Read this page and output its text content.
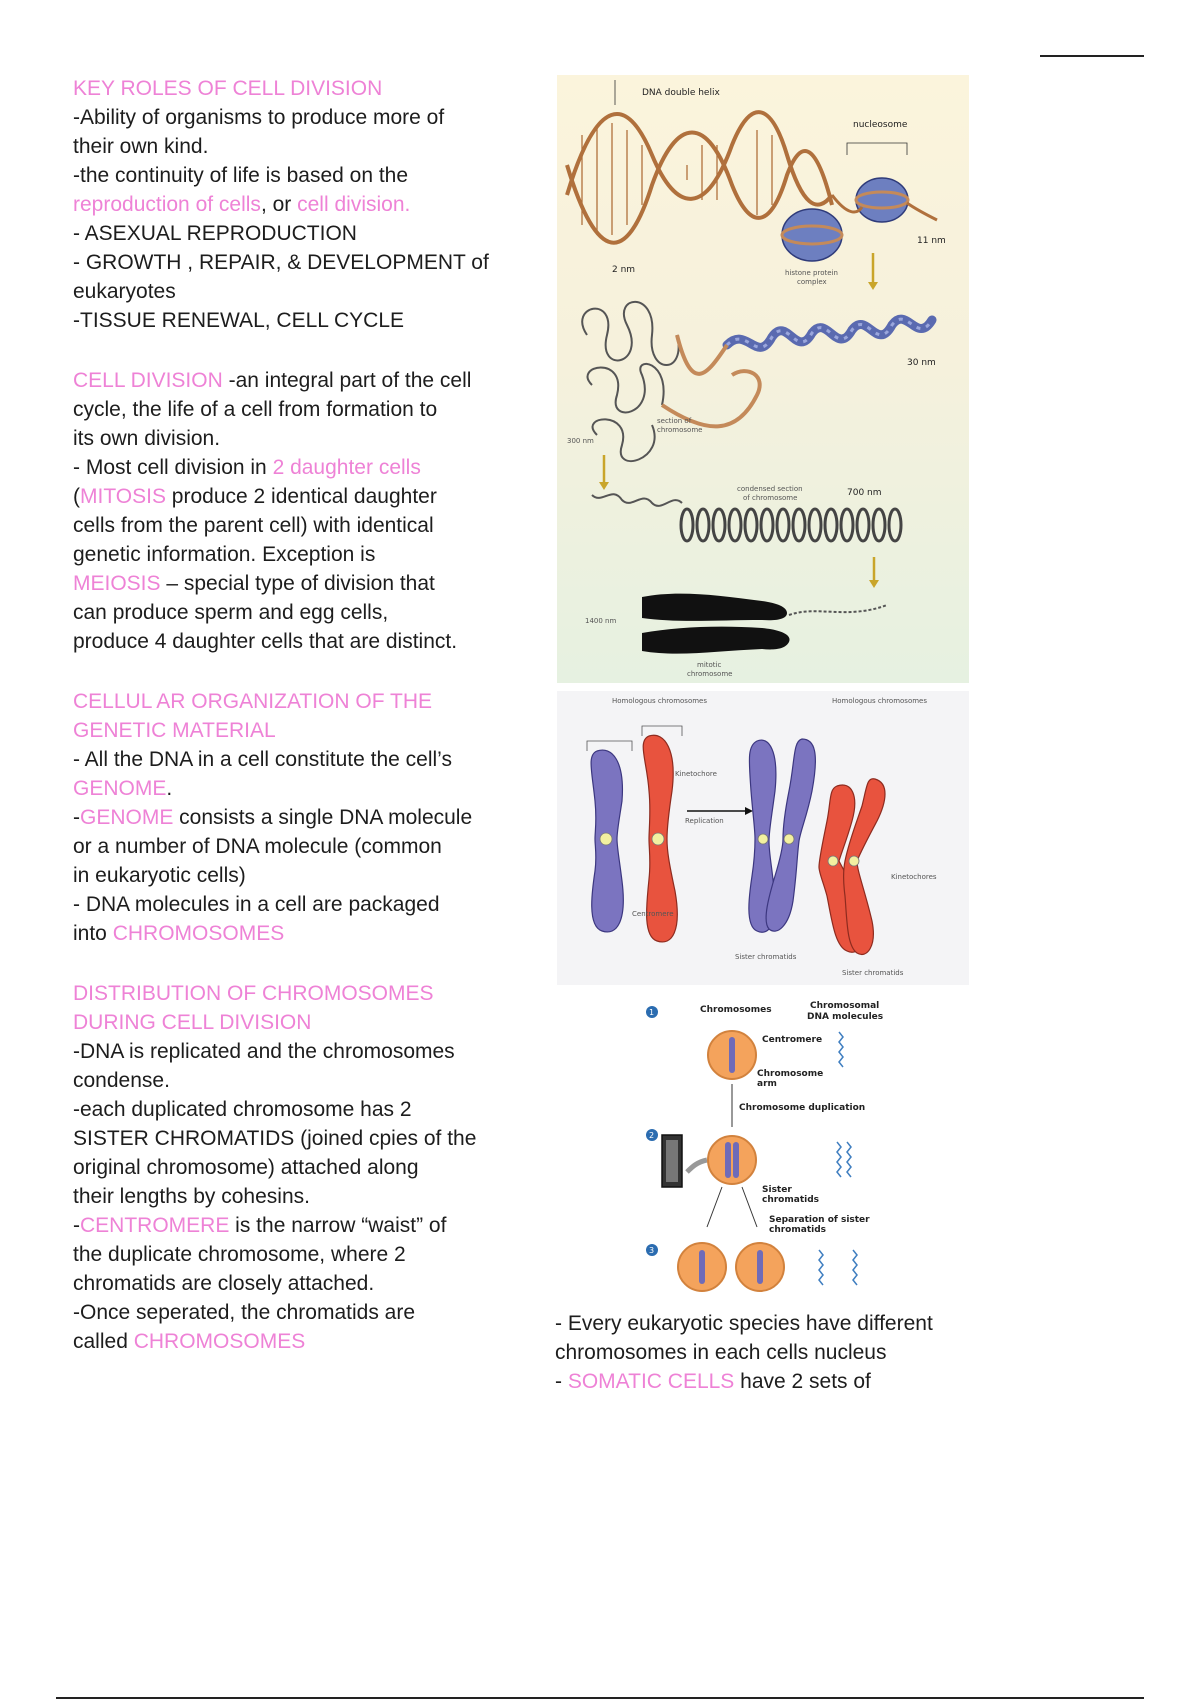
KEY ROLES OF CELL DIVISION
-Ability of organisms to produce more of
their own kind.
-the continuity of life is based on the
reproduction of cells, or cell division.
- ASEXUAL REPRODUCTION
- GROWTH , REPAIR, & DEVELOPMENT of
eukaryotes
-TISSUE RENEWAL, CELL CYCLE
CELL DIVISION -an integral part of the cell
cycle, the life of a cell from formation to
its own division.
- Most cell division in 2 daughter cells
(MITOSIS produce 2 identical daughter
cells from the parent cell) with identical
genetic information. Exception is
MEIOSIS – special type of division that
can produce sperm and egg cells,
produce 4 daughter cells that are distinct.
CELLUL AR ORGANIZATION OF THE
GENETIC MATERIAL
- All the DNA in a cell constitute the cell’s
GENOME.
-GENOME consists a single DNA molecule
or a number of DNA molecule (common
in eukaryotic cells)
- DNA molecules in a cell are packaged
into CHROMOSOMES
DISTRIBUTION OF CHROMOSOMES
DURING CELL DIVISION
-DNA is replicated and the chromosomes
condense.
-each duplicated chromosome has 2
SISTER CHROMATIDS (joined cpies of the
original chromosome) attached along
their lengths by cohesins.
-CENTROMERE is the narrow “waist” of
the duplicate chromosome, where 2
chromatids are closely attached.
-Once seperated, the chromatids are
called CHROMOSOMES
DNA double helix
2 nm
nucleosome
11 nm
histone protein
complex
30 nm
section of
chromosome
300 nm
condensed section
of chromosome	700 nm
1400 nm
mitotic
chromosome
Homologous chromosomes	Homologous chromosomes
Kinetochore
Replication
Centromere
Kinetochores
Sister chromatids
Sister chromatids
1	Chromosomes	Chromosomal
DNA molecules
Centromere
Chromosome
arm
Chromosome duplication
2
Sister
chromatids
Separation of sister
chromatids
3
- Every eukaryotic species have different
chromosomes in each cells nucleus
- SOMATIC CELLS have 2 sets of
